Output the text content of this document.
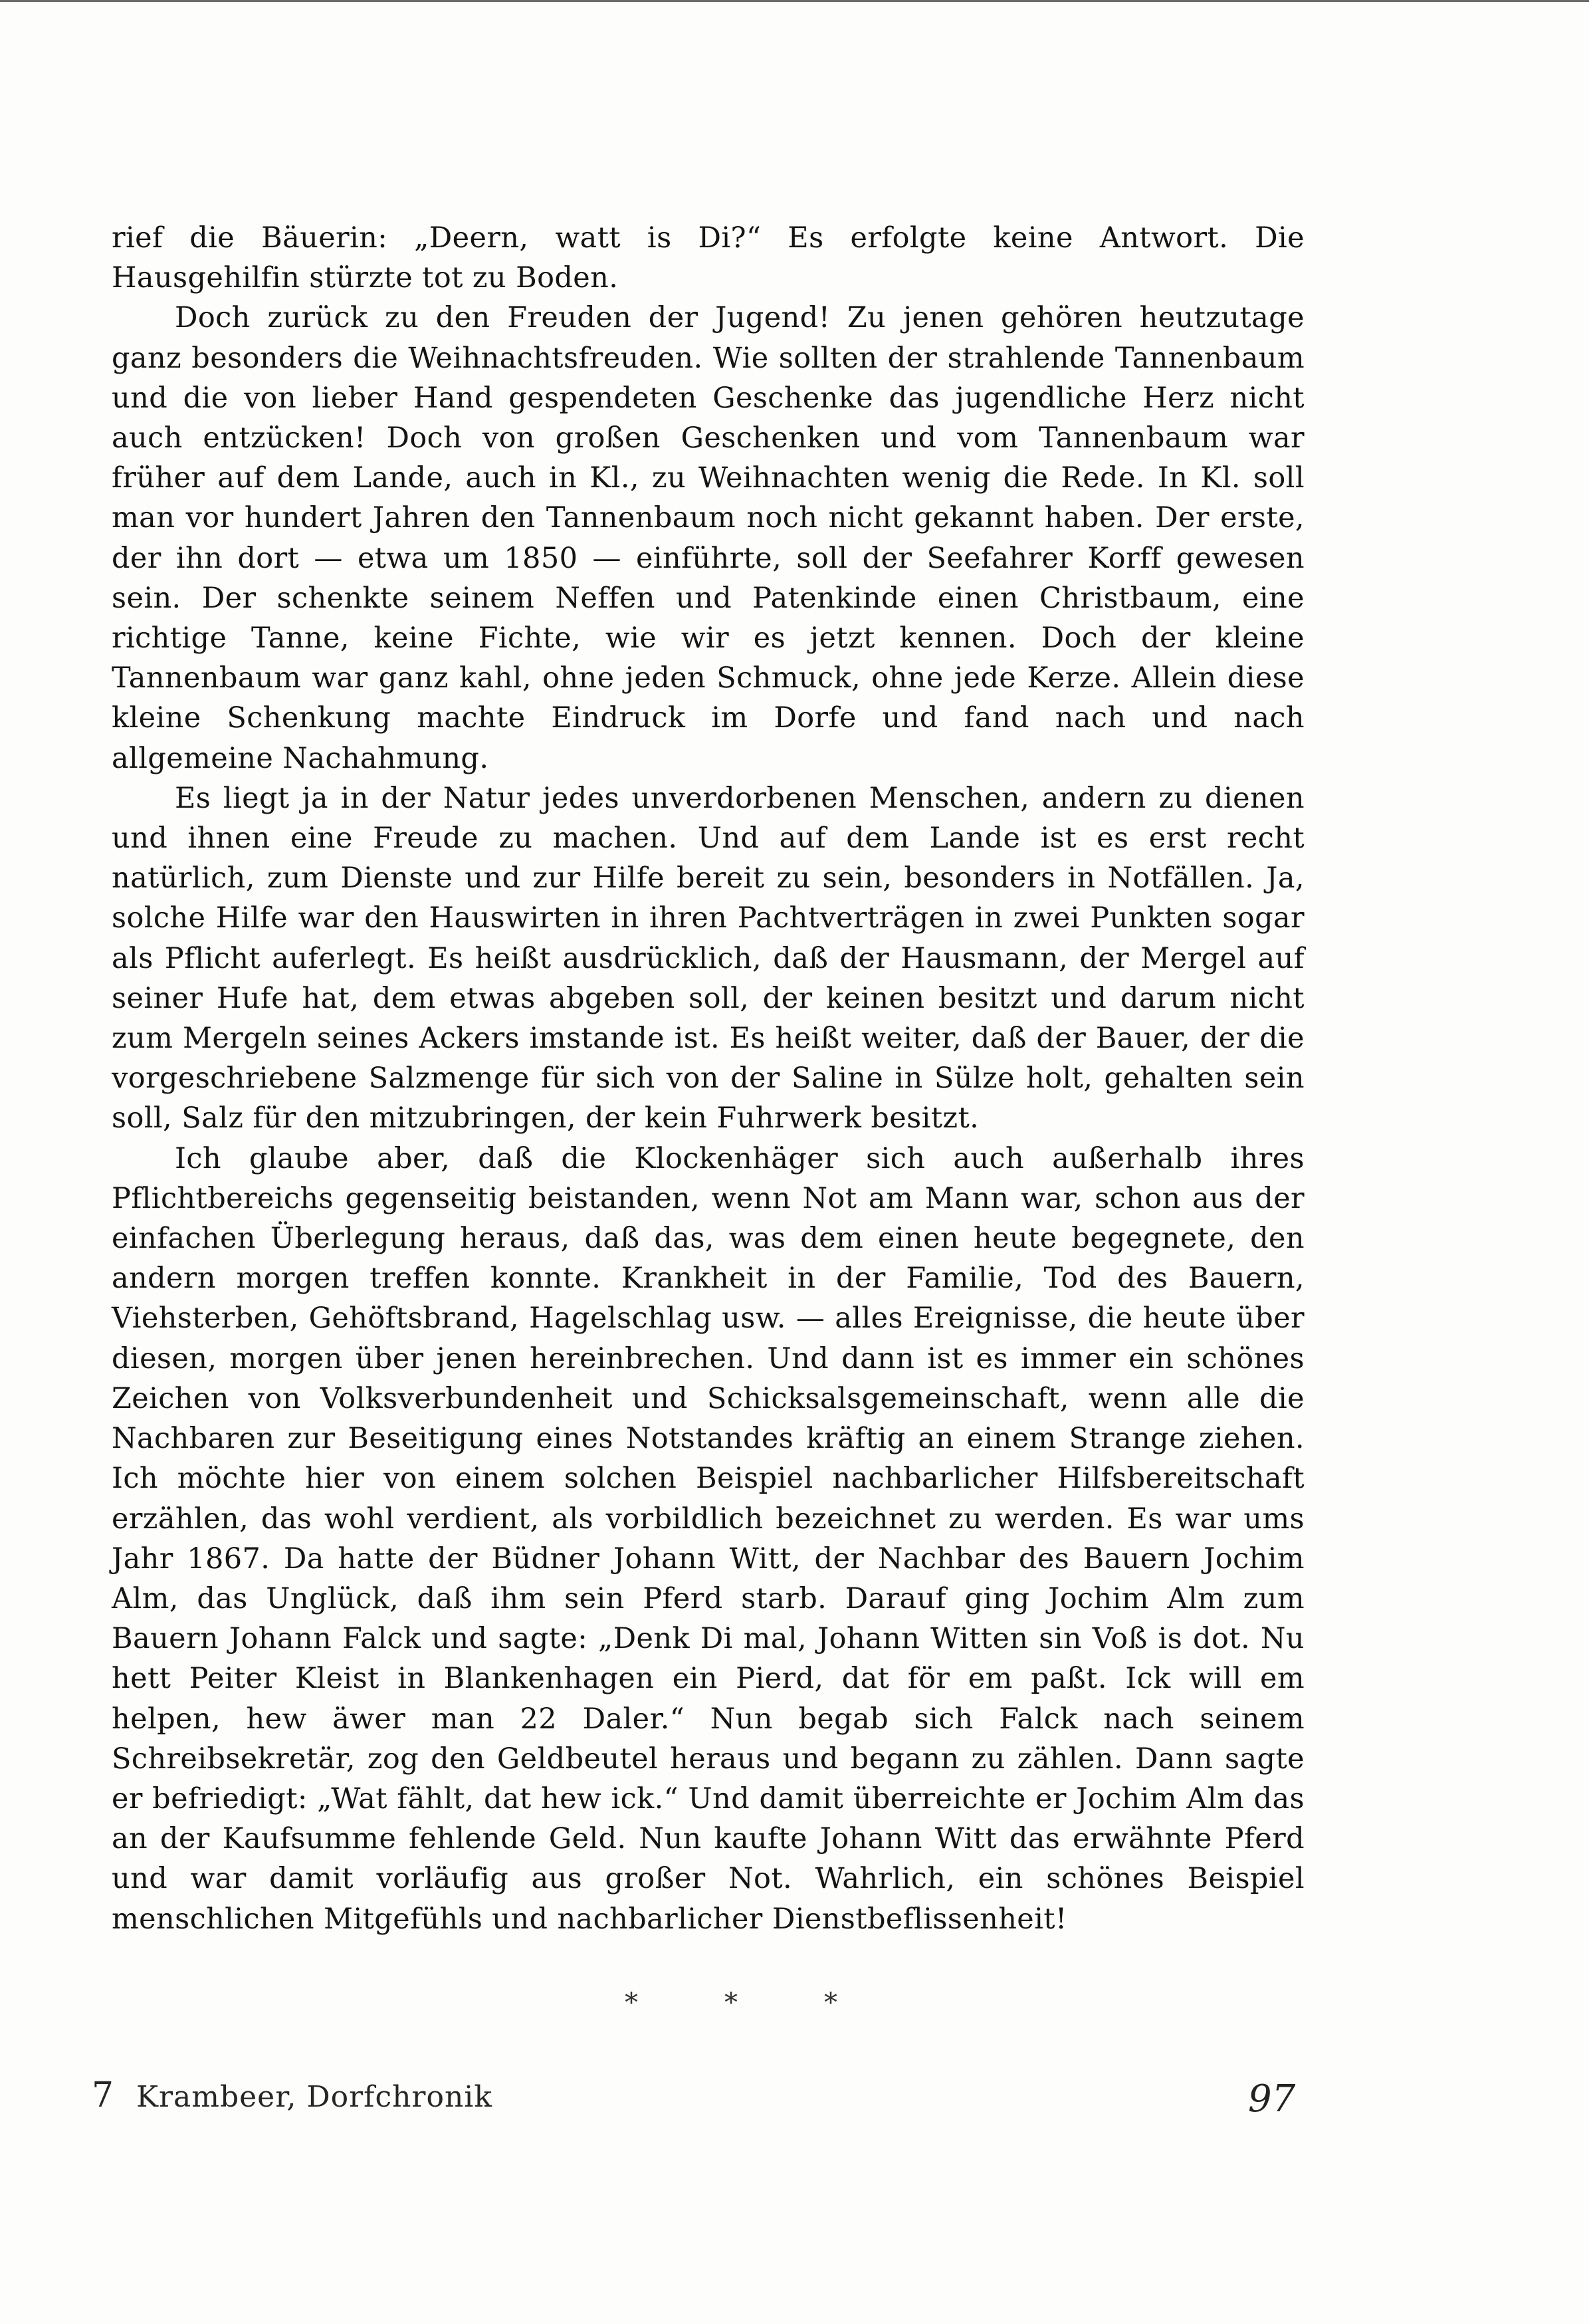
rief die Bäuerin: „Deern, watt is Di?“ Es erfolgte keine Antwort. Die Hausgehilfin stürzte tot zu Boden.

Doch zurück zu den Freuden der Jugend! Zu jenen gehören heutzutage ganz besonders die Weihnachtsfreuden. Wie sollten der strahlende Tannenbaum und die von lieber Hand gespendeten Geschenke das jugendliche Herz nicht auch entzücken! Doch von großen Geschenken und vom Tannenbaum war früher auf dem Lande, auch in Kl., zu Weihnachten wenig die Rede. In Kl. soll man vor hundert Jahren den Tannenbaum noch nicht gekannt haben. Der erste, der ihn dort — etwa um 1850 — einführte, soll der Seefahrer Korff gewesen sein. Der schenkte seinem Neffen und Patenkinde einen Christbaum, eine richtige Tanne, keine Fichte, wie wir es jetzt kennen. Doch der kleine Tannenbaum war ganz kahl, ohne jeden Schmuck, ohne jede Kerze. Allein diese kleine Schenkung machte Eindruck im Dorfe und fand nach und nach allgemeine Nachahmung.

Es liegt ja in der Natur jedes unverdorbenen Menschen, andern zu dienen und ihnen eine Freude zu machen. Und auf dem Lande ist es erst recht natürlich, zum Dienste und zur Hilfe bereit zu sein, besonders in Notfällen. Ja, solche Hilfe war den Hauswirten in ihren Pachtverträgen in zwei Punkten sogar als Pflicht auferlegt. Es heißt ausdrücklich, daß der Hausmann, der Mergel auf seiner Hufe hat, dem etwas abgeben soll, der keinen besitzt und darum nicht zum Mergeln seines Ackers imstande ist. Es heißt weiter, daß der Bauer, der die vorgeschriebene Salzmenge für sich von der Saline in Sülze holt, gehalten sein soll, Salz für den mitzubringen, der kein Fuhrwerk besitzt.

Ich glaube aber, daß die Klockenhäger sich auch außerhalb ihres Pflichtbereichs gegenseitig beistanden, wenn Not am Mann war, schon aus der einfachen Überlegung heraus, daß das, was dem einen heute begegnete, den andern morgen treffen konnte. Krankheit in der Familie, Tod des Bauern, Viehsterben, Gehöftsbrand, Hagelschlag usw. — alles Ereignisse, die heute über diesen, morgen über jenen hereinbrechen. Und dann ist es immer ein schönes Zeichen von Volksverbundenheit und Schicksalsgemeinschaft, wenn alle die Nachbaren zur Beseitigung eines Notstandes kräftig an einem Strange ziehen. Ich möchte hier von einem solchen Beispiel nachbarlicher Hilfsbereitschaft erzählen, das wohl verdient, als vorbildlich bezeichnet zu werden. Es war ums Jahr 1867. Da hatte der Büdner Johann Witt, der Nachbar des Bauern Jochim Alm, das Unglück, daß ihm sein Pferd starb. Darauf ging Jochim Alm zum Bauern Johann Falck und sagte: „Denk Di mal, Johann Witten sin Voß is dot. Nu hett Peiter Kleist in Blankenhagen ein Pierd, dat för em paßt. Ick will em helpen, hew äwer man 22 Daler.“ Nun begab sich Falck nach seinem Schreibsekretär, zog den Geldbeutel heraus und begann zu zählen. Dann sagte er befriedigt: „Wat fählt, dat hew ick.“ Und damit überreichte er Jochim Alm das an der Kaufsumme fehlende Geld. Nun kaufte Johann Witt das erwähnte Pferd und war damit vorläufig aus großer Not. Wahrlich, ein schönes Beispiel menschlichen Mitgefühls und nachbarlicher Dienstbeflissenheit!

*	*	*
7 Krambeer, Dorfchronik	97
